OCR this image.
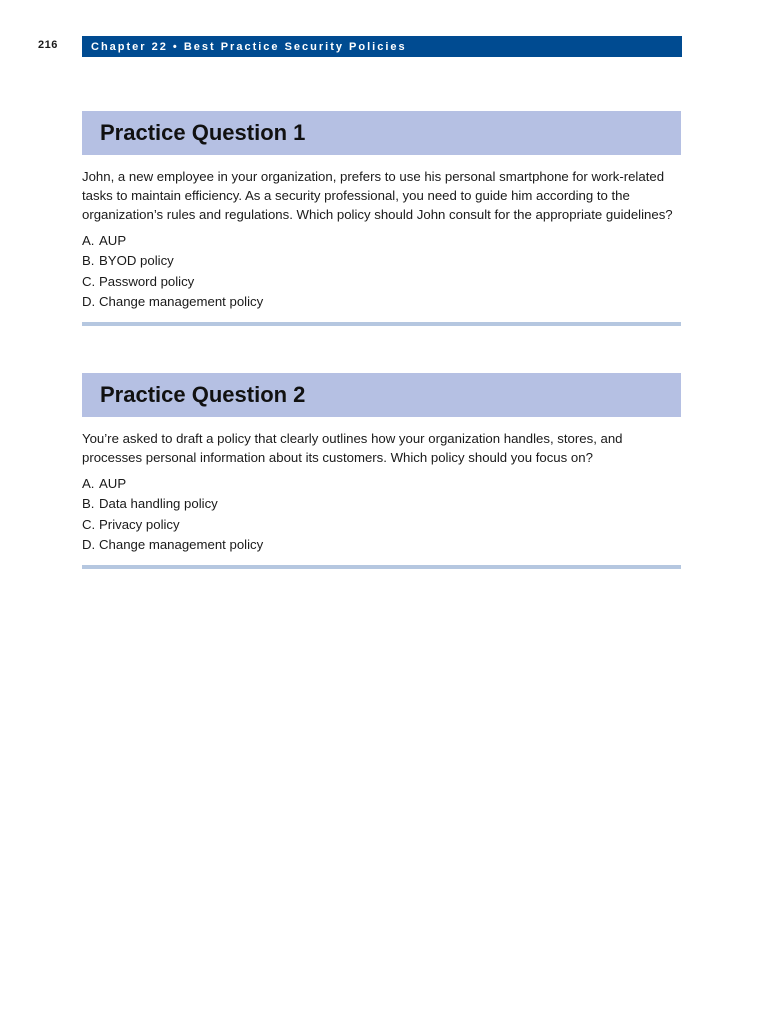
216	Chapter 22 • Best Practice Security Policies
Practice Question 1

John, a new employee in your organization, prefers to use his personal smartphone for work-related tasks to maintain efficiency. As a security professional, you need to guide him according to the organization’s rules and regulations. Which policy should John consult for the appropriate guidelines?

A. AUP
B. BYOD policy
C. Password policy
D. Change management policy
Practice Question 2

You’re asked to draft a policy that clearly outlines how your organization handles, stores, and processes personal information about its customers. Which policy should you focus on?

A. AUP
B. Data handling policy
C. Privacy policy
D. Change management policy
